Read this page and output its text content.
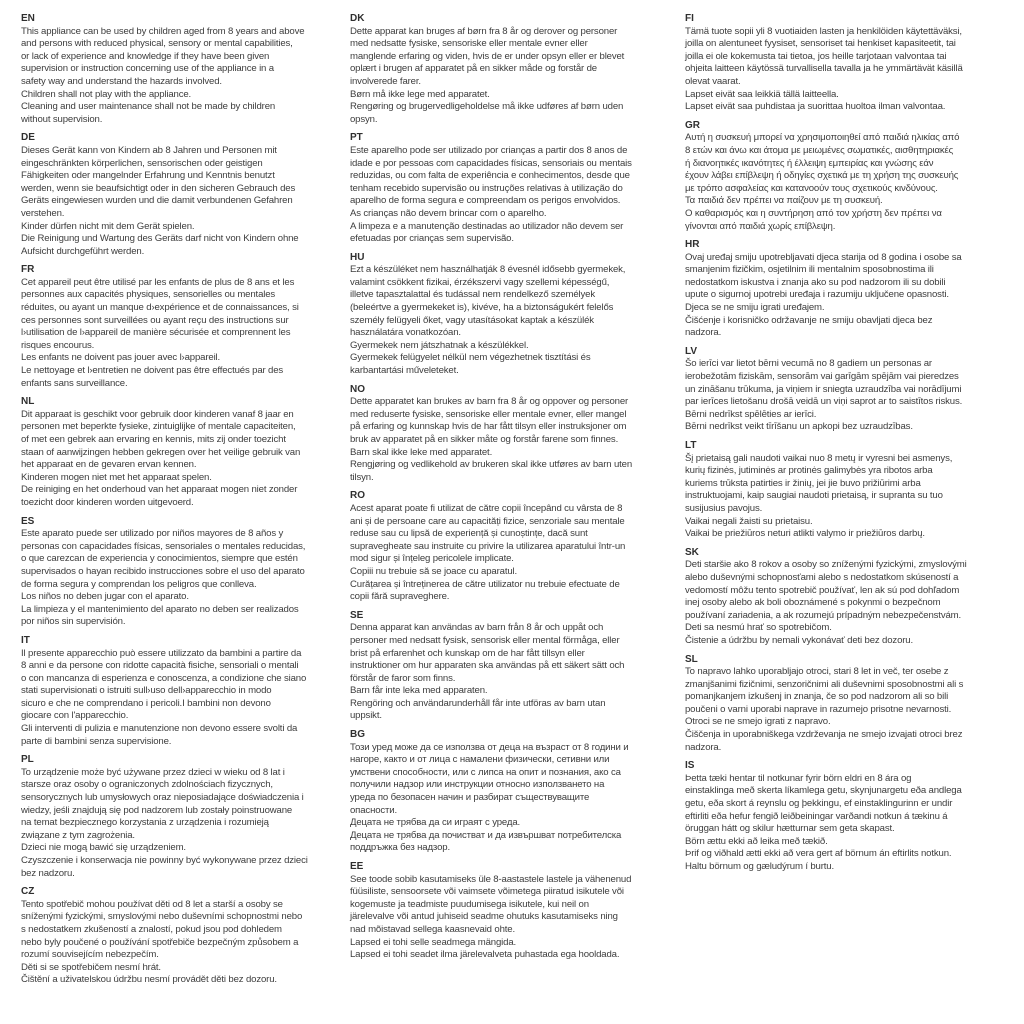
EN
This appliance can be used by children aged from 8 years and above
and persons with reduced physical, sensory or mental capabilities,
or lack of experience and knowledge if they have been given
supervision or instruction concerning use of the appliance in a
safety way and understand the hazards involved.
Children shall not play with the appliance.
Cleaning and user maintenance shall not be made by children
without supervision.
DE
Dieses Gerät kann von Kindern ab 8 Jahren und Personen mit
eingeschränkten körperlichen, sensorischen oder geistigen
Fähigkeiten oder mangelnder Erfahrung und Kenntnis benutzt
werden, wenn sie beaufsichtigt oder in den sicheren Gebrauch des
Geräts eingewiesen wurden und die damit verbundenen Gefahren
verstehen.
Kinder dürfen nicht mit dem Gerät spielen.
Die Reinigung und Wartung des Geräts darf nicht von Kindern ohne
Aufsicht durchgeführt werden.
FR
Cet appareil peut être utilisé par les enfants de plus de 8 ans et les
personnes aux capacités physiques, sensorielles ou mentales
réduites, ou ayant un manque d›expérience et de connaissances, si
ces personnes sont surveillées ou ayant reçu des instructions sur
l›utilisation de l›appareil de manière sécurisée et comprennent les
risques encourus.
Les enfants ne doivent pas jouer avec l›appareil.
Le nettoyage et l›entretien ne doivent pas être effectués par des
enfants sans surveillance.
NL
Dit apparaat is geschikt voor gebruik door kinderen vanaf 8 jaar en
personen met beperkte fysieke, zintuiglijke of mentale capaciteiten,
of met een gebrek aan ervaring en kennis, mits zij onder toezicht
staan of aanwijzingen hebben gekregen over het veilige gebruik van
het apparaat en de gevaren ervan kennen.
Kinderen mogen niet met het apparaat spelen.
De reiniging en het onderhoud van het apparaat mogen niet zonder
toezicht door kinderen worden uitgevoerd.
ES
Este aparato puede ser utilizado por niños mayores de 8 años y
personas con capacidades físicas, sensoriales o mentales reducidas,
o que carezcan de experiencia y conocimientos, siempre que estén
supervisados o hayan recibido instrucciones sobre el uso del aparato
de forma segura y comprendan los peligros que conlleva.
Los niños no deben jugar con el aparato.
La limpieza y el mantenimiento del aparato no deben ser realizados
por niños sin supervisión.
IT
Il presente apparecchio può essere utilizzato da bambini a partire da
8 anni e da persone con ridotte capacità fisiche, sensoriali o mentali
o con mancanza di esperienza e conoscenza, a condizione che siano
stati supervisionati o istruiti sull›uso dell›apparecchio in modo
sicuro e che ne comprendano i pericoli.I bambini non devono
giocare con l'apparecchio.
Gli interventi di pulizia e manutenzione non devono essere svolti da
parte di bambini senza supervisione.
PL
To urządzenie może być używane przez dzieci w wieku od 8 lat i
starsze oraz osoby o ograniczonych zdolnościach fizycznych,
sensorycznych lub umysłowych oraz nieposiadające doświadczenia i
wiedzy, jeśli znajdują się pod nadzorem lub zostały poinstruowane
na temat bezpiecznego korzystania z urządzenia i rozumieją
związane z tym zagrożenia.
Dzieci nie mogą bawić się urządzeniem.
Czyszczenie i konserwacja nie powinny być wykonywane przez dzieci
bez nadzoru.
CZ
Tento spotřebič mohou používat děti od 8 let a starší a osoby se
sníženými fyzickými, smyslovými nebo duševními schopnostmi nebo
s nedostatkem zkušeností a znalostí, pokud jsou pod dohledem
nebo byly poučené o používání spotřebiče bezpečným způsobem a
rozumí souvisejícím nebezpečím.
Děti si se spotřebičem nesmí hrát.
Čištění a uživatelskou údržbu nesmí provádět děti bez dozoru.
DK
Dette apparat kan bruges af børn fra 8 år og derover og personer
med nedsatte fysiske, sensoriske eller mentale evner eller
manglende erfaring og viden, hvis de er under opsyn eller er blevet
oplært i brugen af apparatet på en sikker måde og forstår de
involverede farer.
Børn må ikke lege med apparatet.
Rengøring og brugervedligeholdelse må ikke udføres af børn uden
opsyn.
PT
Este aparelho pode ser utilizado por crianças a partir dos 8 anos de
idade e por pessoas com capacidades físicas, sensoriais ou mentais
reduzidas, ou com falta de experiência e conhecimentos, desde que
tenham recebido supervisão ou instruções relativas à utilização do
aparelho de forma segura e compreendam os perigos envolvidos.
As crianças não devem brincar com o aparelho.
A limpeza e a manutenção destinadas ao utilizador não devem ser
efetuadas por crianças sem supervisão.
HU
Ezt a készüléket nem használhatják 8 évesnél idősebb gyermekek,
valamint csökkent fizikai, érzékszervi vagy szellemi képességű,
illetve tapasztalattal és tudással nem rendelkező személyek
(beleértve a gyermekeket is), kivéve, ha a biztonságukért felelős
személy felügyeli őket, vagy utasításokat kaptak a készülék
használatára vonatkozóan.
Gyermekek nem játszhatnak a készülékkel.
Gyermekek felügyelet nélkül nem végezhetnek tisztítási és
karbantartási műveleteket.
NO
Dette apparatet kan brukes av barn fra 8 år og oppover og personer
med reduserte fysiske, sensoriske eller mentale evner, eller mangel
på erfaring og kunnskap hvis de har fått tilsyn eller instruksjoner om
bruk av apparatet på en sikker måte og forstår farene som finnes.
Barn skal ikke leke med apparatet.
Rengjøring og vedlikehold av brukeren skal ikke utføres av barn uten
tilsyn.
RO
Acest aparat poate fi utilizat de către copii începând cu vârsta de 8
ani și de persoane care au capacități fizice, senzoriale sau mentale
reduse sau cu lipsă de experiență și cunoștințe, dacă sunt
supravegheate sau instruite cu privire la utilizarea aparatului într-un
mod sigur și înțeleg pericolele implicate.
Copiii nu trebuie să se joace cu aparatul.
Curățarea și întreținerea de către utilizator nu trebuie efectuate de
copii fără supraveghere.
SE
Denna apparat kan användas av barn från 8 år och uppåt och
personer med nedsatt fysisk, sensorisk eller mental förmåga, eller
brist på erfarenhet och kunskap om de har fått tillsyn eller
instruktioner om hur apparaten ska användas på ett säkert sätt och
förstår de faror som finns.
Barn får inte leka med apparaten.
Rengöring och användarunderhåll får inte utföras av barn utan
uppsikt.
BG
Този уред може да се използва от деца на възраст от 8 години и
нагоре, както и от лица с намалени физически, сетивни или
умствени способности, или с липса на опит и познания, ако са
получили надзор или инструкции относно използването на
уреда по безопасен начин и разбират съществуващите
опасности.
Децата не трябва да си играят с уреда.
Децата не трябва да почистват и да извършват потребителска
поддръжка без надзор.
EE
See toode sobib kasutamiseks üle 8-aastastele lastele ja vähenenud
füüsiliste, sensoorsete või vaimsete võimetega piiratud isikutele või
kogemuste ja teadmiste puudumisega isikutele, kui neil on
järelevalve või antud juhiseid seadme ohutuks kasutamiseks ning
nad mõistavad sellega kaasnevaid ohte.
Lapsed ei tohi selle seadmega mängida.
Lapsed ei tohi seadet ilma järelevalveta puhastada ega hooldada.
FI
Tämä tuote sopii yli 8 vuotiaiden lasten ja henkilöiden käytettäväksi,
joilla on alentuneet fyysiset, sensoriset tai henkiset kapasiteetit, tai
joilla ei ole kokemusta tai tietoa, jos heille tarjotaan valvontaa tai
ohjeita laitteen käytössä turvallisella tavalla ja he ymmärtävät käsillä
olevat vaarat.
Lapset eivät saa leikkiä tällä laitteella.
Lapset eivät saa puhdistaa ja suorittaa huoltoa ilman valvontaa.
GR
Αυτή η συσκευή μπορεί να χρησιμοποιηθεί από παιδιά ηλικίας από
8 ετών και άνω και άτομα με μειωμένες σωματικές, αισθητηριακές
ή διανοητικές ικανότητες ή έλλειψη εμπειρίας και γνώσης εάν
έχουν λάβει επίβλεψη ή οδηγίες σχετικά με τη χρήση της συσκευής
με τρόπο ασφαλείας και κατανοούν τους σχετικούς κινδύνους.
Τα παιδιά δεν πρέπει να παίζουν με τη συσκευή.
Ο καθαρισμός και η συντήρηση από τον χρήστη δεν πρέπει να
γίνονται από παιδιά χωρίς επίβλεψη.
HR
Ovaj uređaj smiju upotrebljavati djeca starija od 8 godina i osobe sa
smanjenim fizičkim, osjetilnim ili mentalnim sposobnostima ili
nedostatkom iskustva i znanja ako su pod nadzorom ili su dobili
upute o sigurnoj upotrebi uređaja i razumiju uključene opasnosti.
Djeca se ne smiju igrati uređajem.
Čišćenje i korisničko održavanje ne smiju obavljati djeca bez
nadzora.
LV
Šo ierīci var lietot bērni vecumā no 8 gadiem un personas ar
ierobežotām fiziskām, sensorām vai garīgām spējām vai pieredzes
un zināšanu trūkuma, ja viņiem ir sniegta uzraudzība vai norādījumi
par ierīces lietošanu drošā veidā un viņi saprot ar to saistītos riskus.
Bērni nedrīkst spēlēties ar ierīci.
Bērni nedrīkst veikt tīrīšanu un apkopi bez uzraudzības.
LT
Šį prietaisą gali naudoti vaikai nuo 8 metų ir vyresni bei asmenys,
kurių fizinės, jutiminės ar protinės galimybės yra ribotos arba
kuriems trūksta patirties ir žinių, jei jie buvo prižiūrimi arba
instruktuojami, kaip saugiai naudoti prietaisą, ir supranta su tuo
susijusius pavojus.
Vaikai negali žaisti su prietaisu.
Vaikai be priežiūros neturi atlikti valymo ir priežiūros darbų.
SK
Deti staršie ako 8 rokov a osoby so zníženými fyzickými, zmyslovými
alebo duševnými schopnosťami alebo s nedostatkom skúseností a
vedomostí môžu tento spotrebič používať, len ak sú pod dohľadom
inej osoby alebo ak boli oboznámené s pokynmi o bezpečnom
používaní zariadenia, a ak rozumejú prípadným nebezpečenstvám.
Deti sa nesmú hrať so spotrebičom.
Čistenie a údržbu by nemali vykonávať deti bez dozoru.
SL
To napravo lahko uporabljajo otroci, stari 8 let in več, ter osebe z
zmanjšanimi fizičnimi, senzoričnimi ali duševnimi sposobnostmi ali s
pomanjkanjem izkušenj in znanja, če so pod nadzorom ali so bili
poučeni o varni uporabi naprave in razumejo prisotne nevarnosti.
Otroci se ne smejo igrati z napravo.
Čiščenja in uporabniškega vzdrževanja ne smejo izvajati otroci brez
nadzora.
IS
Þetta tæki hentar til notkunar fyrir börn eldri en 8 ára og
einstaklinga með skerta líkamlega getu, skynjunargetu eða andlega
getu, eða skort á reynslu og þekkingu, ef einstaklingurinn er undir
eftirliti eða hefur fengið leiðbeiningar varðandi notkun á tækinu á
öruggan hátt og skilur hætturnar sem geta skapast.
Börn ættu ekki að leika með tækið.
Þrif og viðhald ætti ekki að vera gert af börnum án eftirlits notkun.
Haltu börnum og gæludýrum í burtu.
